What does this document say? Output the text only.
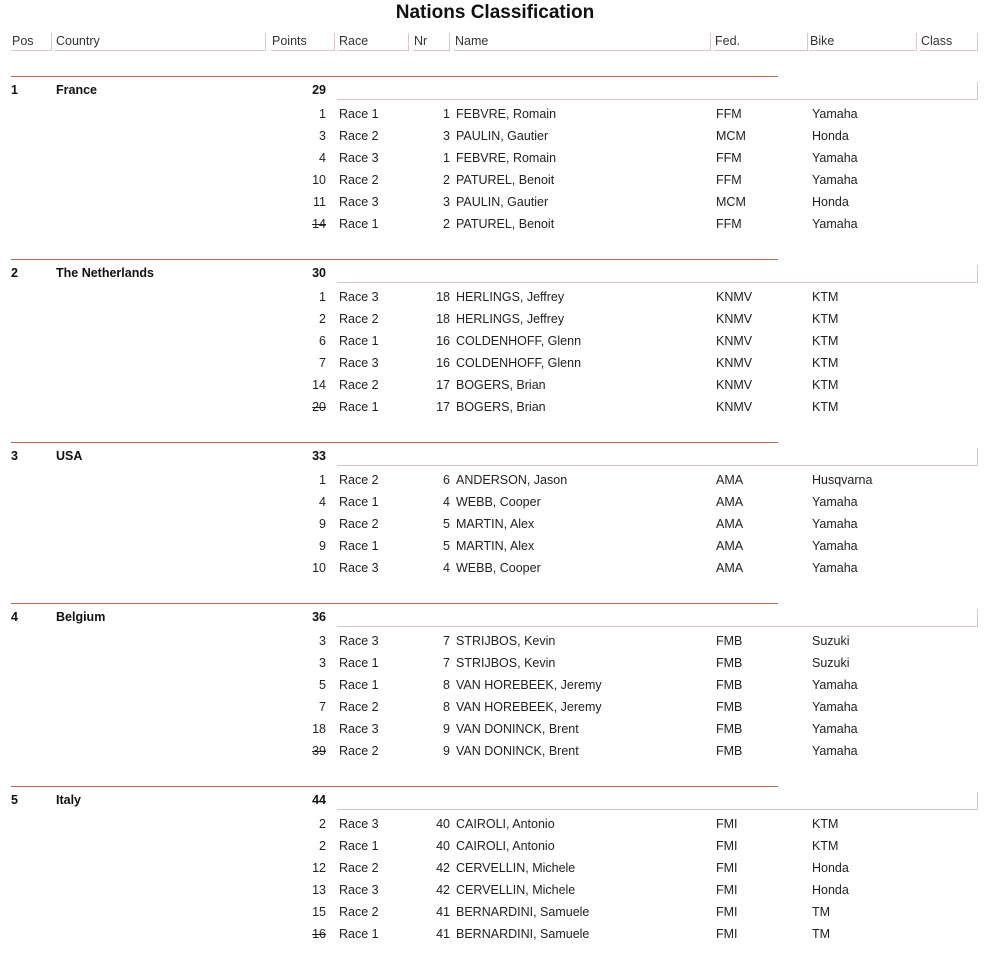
Nations Classification
Pos	Country	Points	Race	Nr	Name	Fed.	Bike	Class
1	France	29
1 Race 1	1 FEBVRE, Romain	FFM	Yamaha
3 Race 2	3 PAULIN, Gautier	MCM	Honda
4 Race 3	1 FEBVRE, Romain	FFM	Yamaha
10 Race 2	2 PATUREL, Benoit	FFM	Yamaha
11 Race 3	3 PAULIN, Gautier	MCM	Honda
14 Race 1	2 PATUREL, Benoit	FFM	Yamaha
2	The Netherlands	30
1 Race 3	18 HERLINGS, Jeffrey	KNMV	KTM
2 Race 2	18 HERLINGS, Jeffrey	KNMV	KTM
6 Race 1	16 COLDENHOFF, Glenn	KNMV	KTM
7 Race 3	16 COLDENHOFF, Glenn	KNMV	KTM
14 Race 2	17 BOGERS, Brian	KNMV	KTM
20 Race 1	17 BOGERS, Brian	KNMV	KTM
3	USA	33
1 Race 2	6 ANDERSON, Jason	AMA	Husqvarna
4 Race 1	4 WEBB, Cooper	AMA	Yamaha
9 Race 2	5 MARTIN, Alex	AMA	Yamaha
9 Race 1	5 MARTIN, Alex	AMA	Yamaha
10 Race 3	4 WEBB, Cooper	AMA	Yamaha
4	Belgium	36
3 Race 3	7 STRIJBOS, Kevin	FMB	Suzuki
3 Race 1	7 STRIJBOS, Kevin	FMB	Suzuki
5 Race 1	8 VAN HOREBEEK, Jeremy	FMB	Yamaha
7 Race 2	8 VAN HOREBEEK, Jeremy	FMB	Yamaha
18 Race 3	9 VAN DONINCK, Brent	FMB	Yamaha
39 Race 2	9 VAN DONINCK, Brent	FMB	Yamaha
5	Italy	44
2 Race 3	40 CAIROLI, Antonio	FMI	KTM
2 Race 1	40 CAIROLI, Antonio	FMI	KTM
12 Race 2	42 CERVELLIN, Michele	FMI	Honda
13 Race 3	42 CERVELLIN, Michele	FMI	Honda
15 Race 2	41 BERNARDINI, Samuele	FMI	TM
16 Race 1	41 BERNARDINI, Samuele	FMI	TM
